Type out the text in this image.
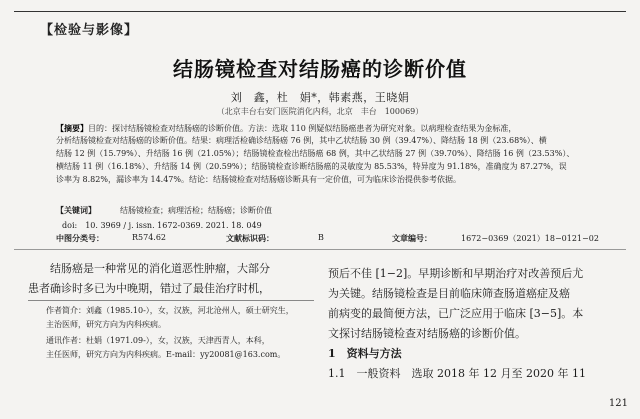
【检验与影像】
结肠镜检查对结肠癌的诊断价值
刘　鑫，杜　娟*，韩素燕，王晓娟
（北京丰台右安门医院消化内科，北京　丰台　100069）
【摘要】目的：探讨结肠镜检查对结肠癌的诊断价值。方法：选取 110 例疑似结肠癌患者为研究对象。以病理检查结果为金标准，
分析结肠镜检查对结肠癌的诊断价值。结果：病理活检确诊结肠癌 76 例，其中乙状结肠 30 例（39.47%）、降结肠 18 例（23.68%）、横
结肠 12 例（15.79%）、升结肠 16 例（21.05%）；结肠镜检查检出结肠癌 68 例，其中乙状结肠 27 例（39.70%）、降结肠 16 例（23.53%）、
横结肠 11 例（16.18%）、升结肠 14 例（20.59%）；结肠镜检查诊断结肠癌的灵敏度为 85.53%，特异度为 91.18%，准确度为 87.27%，误
诊率为 8.82%，漏诊率为 14.47%。结论：结肠镜检查对结肠癌诊断具有一定价值，可为临床诊治提供参考依据。
【关键词】	结肠镜检查；病理活检；结肠癌；诊断价值
doi:　10. 3969 / j. issn. 1672-0369. 2021. 18. 049
中图分类号：	R574.62	文献标识码：	B	文章编号：	1672−0369（2021）18−0121−02
结肠癌是一种常见的消化道恶性肿瘤，大部分
患者确诊时多已为中晚期，错过了最佳治疗时机，
作者简介：刘鑫（1985.10-），女，汉族，河北沧州人，硕士研究生，
主治医师，研究方向为内科疾病。
通讯作者：杜娟（1971.09-），女，汉族，天津西青人，本科，
主任医师，研究方向为内科疾病。E-mail：yy20081@163.com。
预后不佳 [1−2]。早期诊断和早期治疗对改善预后尤
为关键。结肠镜检查是目前临床筛查肠道癌症及癌
前病变的最简便方法，已广泛应用于临床 [3−5]。本
文探讨结肠镜检查对结肠癌的诊断价值。
1　资料与方法
1.1　一般资料　选取 2018 年 12 月至 2020 年 11
121
